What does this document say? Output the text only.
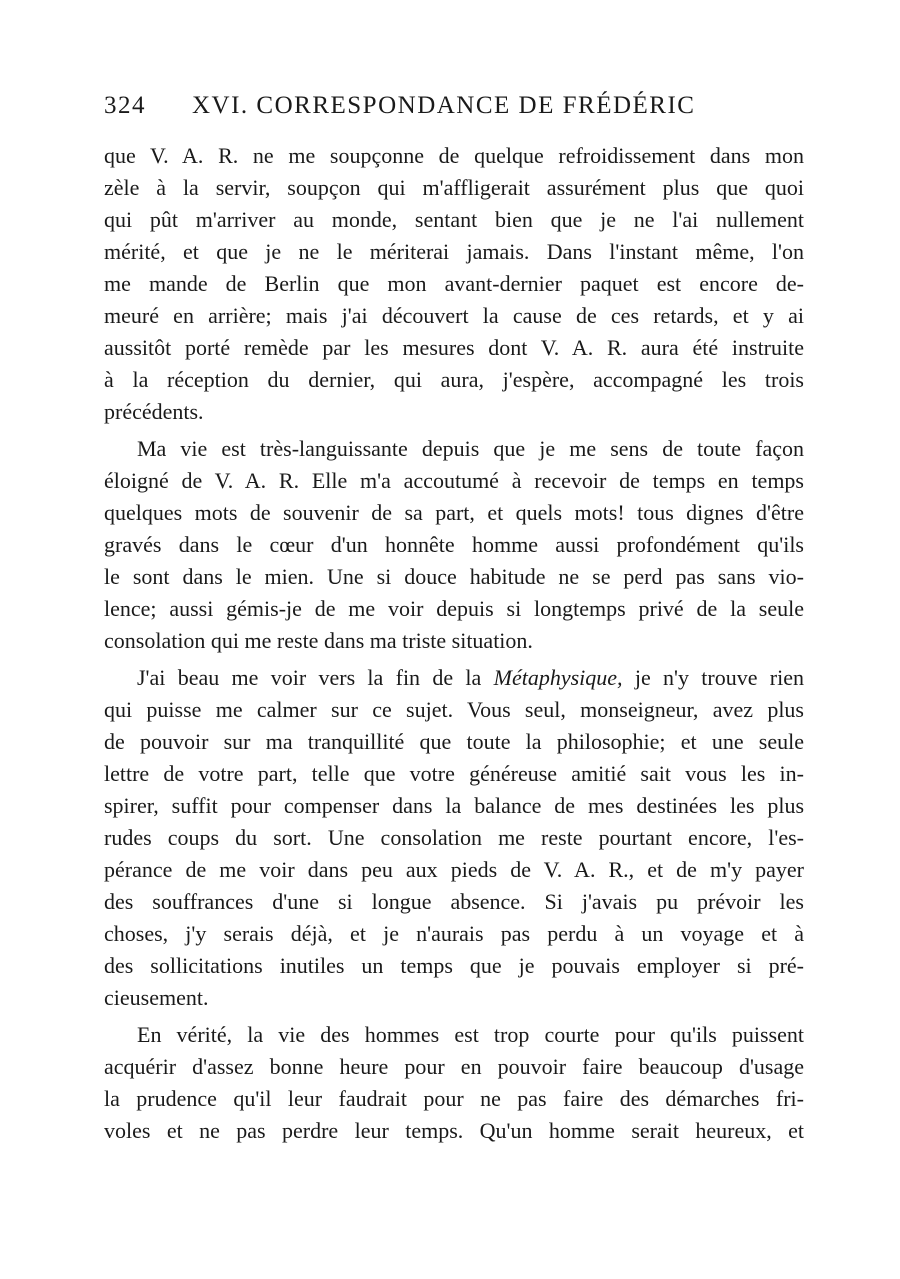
324 XVI. CORRESPONDANCE DE FRÉDÉRIC
que V. A. R. ne me soupçonne de quelque refroidissement dans mon
zèle à la servir, soupçon qui m'affligerait assurément plus que quoi
qui pût m'arriver au monde, sentant bien que je ne l'ai nullement
mérité, et que je ne le mériterai jamais. Dans l'instant même, l'on
me mande de Berlin que mon avant-dernier paquet est encore de-
meuré en arrière; mais j'ai découvert la cause de ces retards, et y ai
aussitôt porté remède par les mesures dont V. A. R. aura été instruite
à la réception du dernier, qui aura, j'espère, accompagné les trois
précédents.
Ma vie est très-languissante depuis que je me sens de toute façon
éloigné de V. A. R. Elle m'a accoutumé à recevoir de temps en temps
quelques mots de souvenir de sa part, et quels mots! tous dignes d'être
gravés dans le cœur d'un honnête homme aussi profondément qu'ils
le sont dans le mien. Une si douce habitude ne se perd pas sans vio-
lence; aussi gémis-je de me voir depuis si longtemps privé de la seule
consolation qui me reste dans ma triste situation.
J'ai beau me voir vers la fin de la Métaphysique, je n'y trouve rien
qui puisse me calmer sur ce sujet. Vous seul, monseigneur, avez plus
de pouvoir sur ma tranquillité que toute la philosophie; et une seule
lettre de votre part, telle que votre généreuse amitié sait vous les in-
spirer, suffit pour compenser dans la balance de mes destinées les plus
rudes coups du sort. Une consolation me reste pourtant encore, l'es-
pérance de me voir dans peu aux pieds de V. A. R., et de m'y payer
des souffrances d'une si longue absence. Si j'avais pu prévoir les
choses, j'y serais déjà, et je n'aurais pas perdu à un voyage et à
des sollicitations inutiles un temps que je pouvais employer si pré-
cieusement.
En vérité, la vie des hommes est trop courte pour qu'ils puissent
acquérir d'assez bonne heure pour en pouvoir faire beaucoup d'usage
la prudence qu'il leur faudrait pour ne pas faire des démarches fri-
voles et ne pas perdre leur temps. Qu'un homme serait heureux, et
